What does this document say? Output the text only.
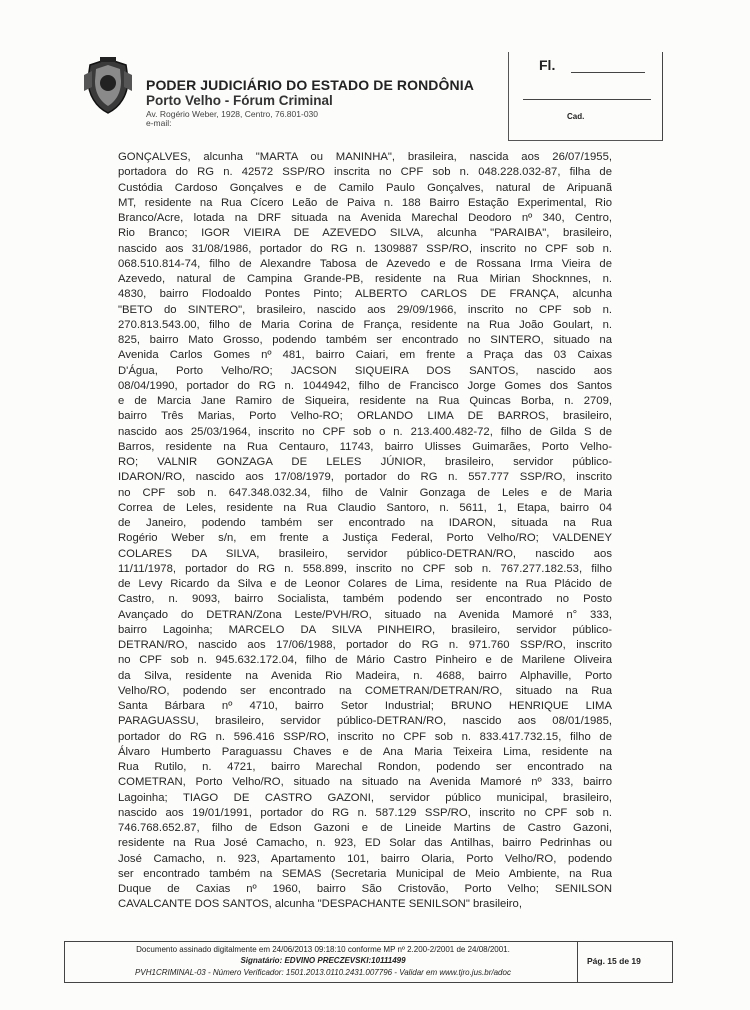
PODER JUDICIÁRIO DO ESTADO DE RONDÔNIA
Porto Velho - Fórum Criminal
Av. Rogério Weber, 1928, Centro, 76.801-030
e-mail:
Fl.
Cad.
GONÇALVES, alcunha "MARTA ou MANINHA", brasileira, nascida aos 26/07/1955,
portadora do RG n. 42572 SSP/RO inscrita no CPF sob n. 048.228.032-87, filha de
Custódia Cardoso Gonçalves e de Camilo Paulo Gonçalves, natural de Aripuanã
MT, residente na Rua Cícero Leão de Paiva n. 188 Bairro Estação Experimental, Rio
Branco/Acre, lotada na DRF situada na Avenida Marechal Deodoro nº 340, Centro,
Rio Branco; IGOR VIEIRA DE AZEVEDO SILVA, alcunha "PARAIBA", brasileiro,
nascido aos 31/08/1986, portador do RG n. 1309887 SSP/RO, inscrito no CPF sob n.
068.510.814-74, filho de Alexandre Tabosa de Azevedo e de Rossana Irma Vieira de
Azevedo, natural de Campina Grande-PB, residente na Rua Mirian Shocknnes, n.
4830, bairro Flodoaldo Pontes Pinto; ALBERTO CARLOS DE FRANÇA, alcunha
"BETO do SINTERO", brasileiro, nascido aos 29/09/1966, inscrito no CPF sob n.
270.813.543.00, filho de Maria Corina de França, residente na Rua João Goulart, n.
825, bairro Mato Grosso, podendo também ser encontrado no SINTERO, situado na
Avenida Carlos Gomes nº 481, bairro Caiari, em frente a Praça das 03 Caixas
D'Água, Porto Velho/RO; JACSON SIQUEIRA DOS SANTOS, nascido aos
08/04/1990, portador do RG n. 1044942, filho de Francisco Jorge Gomes dos Santos
e de Marcia Jane Ramiro de Siqueira, residente na Rua Quincas Borba, n. 2709,
bairro Três Marias, Porto Velho-RO; ORLANDO LIMA DE BARROS, brasileiro,
nascido aos 25/03/1964, inscrito no CPF sob o n. 213.400.482-72, filho de Gilda S de
Barros, residente na Rua Centauro, 11743, bairro Ulisses Guimarães, Porto Velho-
RO; VALNIR GONZAGA DE LELES JÚNIOR, brasileiro, servidor público-
IDARON/RO, nascido aos 17/08/1979, portador do RG n. 557.777 SSP/RO, inscrito
no CPF sob n. 647.348.032.34, filho de Valnir Gonzaga de Leles e de Maria
Correa de Leles, residente na Rua Claudio Santoro, n. 5611, 1, Etapa, bairro 04
de Janeiro, podendo também ser encontrado na IDARON, situada na Rua
Rogério Weber s/n, em frente a Justiça Federal, Porto Velho/RO; VALDENEY
COLARES DA SILVA, brasileiro, servidor público-DETRAN/RO, nascido aos
11/11/1978, portador do RG n. 558.899, inscrito no CPF sob n. 767.277.182.53, filho
de Levy Ricardo da Silva e de Leonor Colares de Lima, residente na Rua Plácido de
Castro, n. 9093, bairro Socialista, também podendo ser encontrado no Posto
Avançado do DETRAN/Zona Leste/PVH/RO, situado na Avenida Mamoré n° 333,
bairro Lagoinha; MARCELO DA SILVA PINHEIRO, brasileiro, servidor público-
DETRAN/RO, nascido aos 17/06/1988, portador do RG n. 971.760 SSP/RO, inscrito
no CPF sob n. 945.632.172.04, filho de Mário Castro Pinheiro e de Marilene Oliveira
da Silva, residente na Avenida Rio Madeira, n. 4688, bairro Alphaville, Porto
Velho/RO, podendo ser encontrado na COMETRAN/DETRAN/RO, situado na Rua
Santa Bárbara nº 4710, bairro Setor Industrial; BRUNO HENRIQUE LIMA
PARAGUASSU, brasileiro, servidor público-DETRAN/RO, nascido aos 08/01/1985,
portador do RG n. 596.416 SSP/RO, inscrito no CPF sob n. 833.417.732.15, filho de
Álvaro Humberto Paraguassu Chaves e de Ana Maria Teixeira Lima, residente na
Rua Rutilo, n. 4721, bairro Marechal Rondon, podendo ser encontrado na
COMETRAN, Porto Velho/RO, situado na situado na Avenida Mamoré nº 333, bairro
Lagoinha; TIAGO DE CASTRO GAZONI, servidor público municipal, brasileiro,
nascido aos 19/01/1991, portador do RG n. 587.129 SSP/RO, inscrito no CPF sob n.
746.768.652.87, filho de Edson Gazoni e de Lineide Martins de Castro Gazoni,
residente na Rua José Camacho, n. 923, ED Solar das Antilhas, bairro Pedrinhas ou
José Camacho, n. 923, Apartamento 101, bairro Olaria, Porto Velho/RO, podendo
ser encontrado também na SEMAS (Secretaria Municipal de Meio Ambiente, na Rua
Duque de Caxias nº 1960, bairro São Cristovão, Porto Velho; SENILSON
CAVALCANTE DOS SANTOS, alcunha "DESPACHANTE SENILSON" brasileiro,
Documento assinado digitalmente em 24/06/2013 09:18:10 conforme MP nº 2.200-2/2001 de 24/08/2001.
Signatário: EDVINO PRECZEVSKI:10111499
PVH1CRIMINAL-03 - Número Verificador: 1501.2013.0110.2431.007796 - Validar em www.tjro.jus.br/adoc
Pág. 15 de 19
